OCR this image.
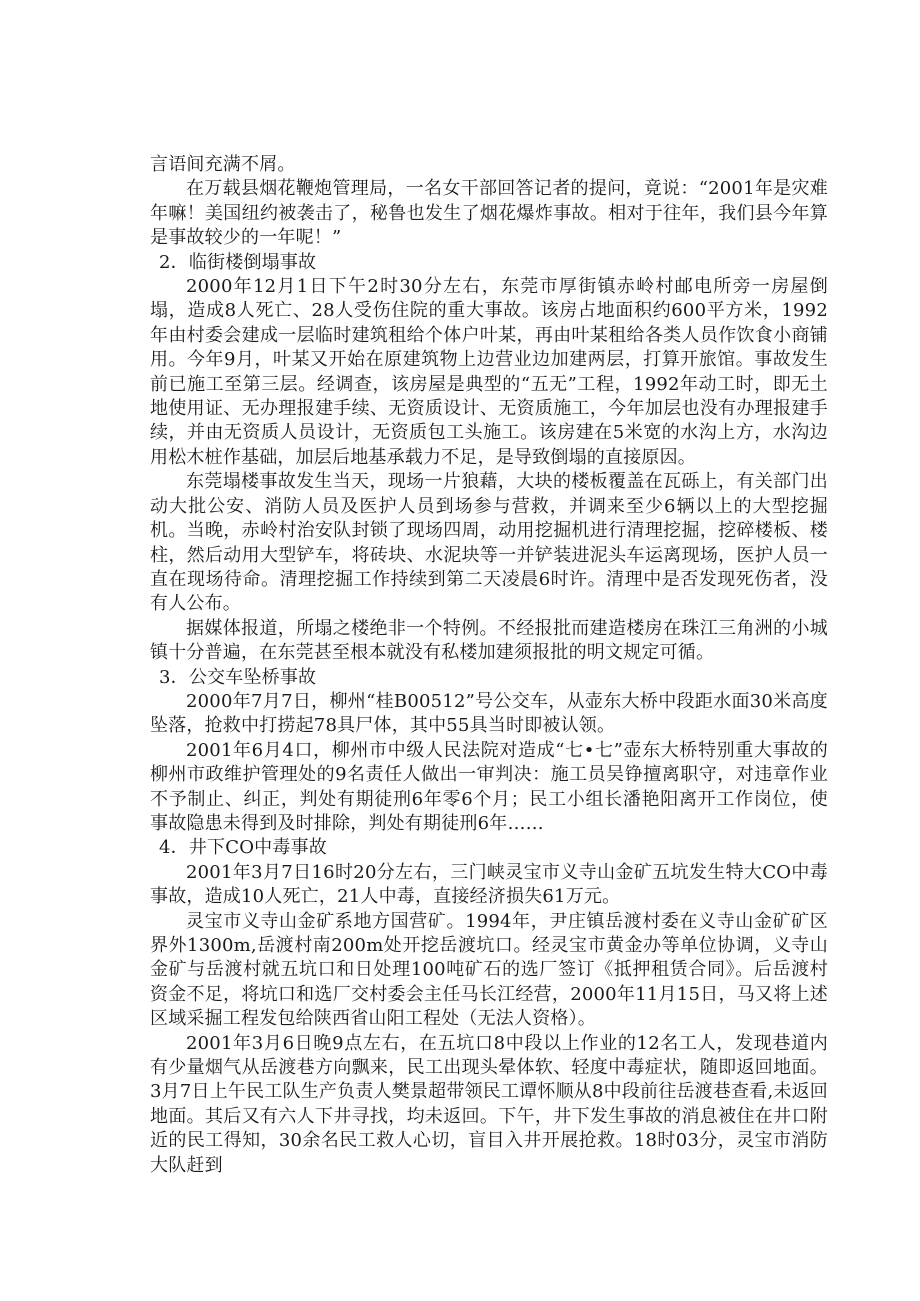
言语间充满不屑。

在万载县烟花鞭炮管理局，一名女干部回答记者的提问，竟说：“2001年是灾难年嘛！美国纽约被袭击了，秘鲁也发生了烟花爆炸事故。相对于往年，我们县今年算是事故较少的一年呢！”

2．临街楼倒塌事故

2000年12月1日下午2时30分左右，东莞市厚街镇赤岭村邮电所旁一房屋倒塌，造成8人死亡、28人受伤住院的重大事故。该房占地面积约600平方米，1992年由村委会建成一层临时建筑租给个体户叶某，再由叶某租给各类人员作饮食小商铺用。今年9月，叶某又开始在原建筑物上边营业边加建两层，打算开旅馆。事故发生前已施工至第三层。经调查，该房屋是典型的“五无”工程，1992年动工时，即无土地使用证、无办理报建手续、无资质设计、无资质施工，今年加层也没有办理报建手续，并由无资质人员设计，无资质包工头施工。该房建在5米宽的水沟上方，水沟边用松木桩作基础，加层后地基承载力不足，是导致倒塌的直接原因。

东莞塌楼事故发生当天，现场一片狼藉，大块的楼板覆盖在瓦砾上，有关部门出动大批公安、消防人员及医护人员到场参与营救，并调来至少6辆以上的大型挖掘机。当晚，赤岭村治安队封锁了现场四周，动用挖掘机进行清理挖掘，挖碎楼板、楼柱，然后动用大型铲车，将砖块、水泥块等一并铲装进泥头车运离现场，医护人员一直在现场待命。清理挖掘工作持续到第二天凌晨6时许。清理中是否发现死伤者，没有人公布。

据媒体报道，所塌之楼绝非一个特例。不经报批而建造楼房在珠江三角洲的小城镇十分普遍，在东莞甚至根本就没有私楼加建须报批的明文规定可循。

3．公交车坠桥事故

2000年7月7日，柳州“桂B00512”号公交车，从壶东大桥中段距水面30米高度坠落，抢救中打捞起78具尸体，其中55具当时即被认领。

2001年6月4口，柳州市中级人民法院对造成“七•七”壶东大桥特别重大事故的柳州市政维护管理处的9名责任人做出一审判决：施工员吴铮擅离职守，对违章作业不予制止、纠正，判处有期徒刑6年零6个月；民工小组长潘艳阳离开工作岗位，使事故隐患未得到及时排除，判处有期徒刑6年……

4．井下CO中毒事故

2001年3月7日16时20分左右，三门峡灵宝市义寺山金矿五坑发生特大CO中毒事故，造成10人死亡，21人中毒，直接经济损失61万元。

灵宝市义寺山金矿系地方国营矿。1994年，尹庄镇岳渡村委在义寺山金矿矿区界外1300m,岳渡村南200m处开挖岳渡坑口。经灵宝市黄金办等单位协调，义寺山金矿与岳渡村就五坑口和日处理100吨矿石的选厂签订《抵押租赁合同》。后岳渡村资金不足，将坑口和选厂交村委会主任马长江经营，2000年11月15日，马又将上述区域采掘工程发包给陕西省山阳工程处（无法人资格）。

2001年3月6日晚9点左右，在五坑口8中段以上作业的12名工人，发现巷道内有少量烟气从岳渡巷方向飘来，民工出现头晕体软、轻度中毒症状，随即返回地面。3月7日上午民工队生产负责人樊景超带领民工谭怀顺从8中段前往岳渡巷查看,未返回地面。其后又有六人下井寻找，均未返回。下午，井下发生事故的消息被住在井口附近的民工得知，30余名民工救人心切，盲目入井开展抢救。18时03分，灵宝市消防大队赶到
